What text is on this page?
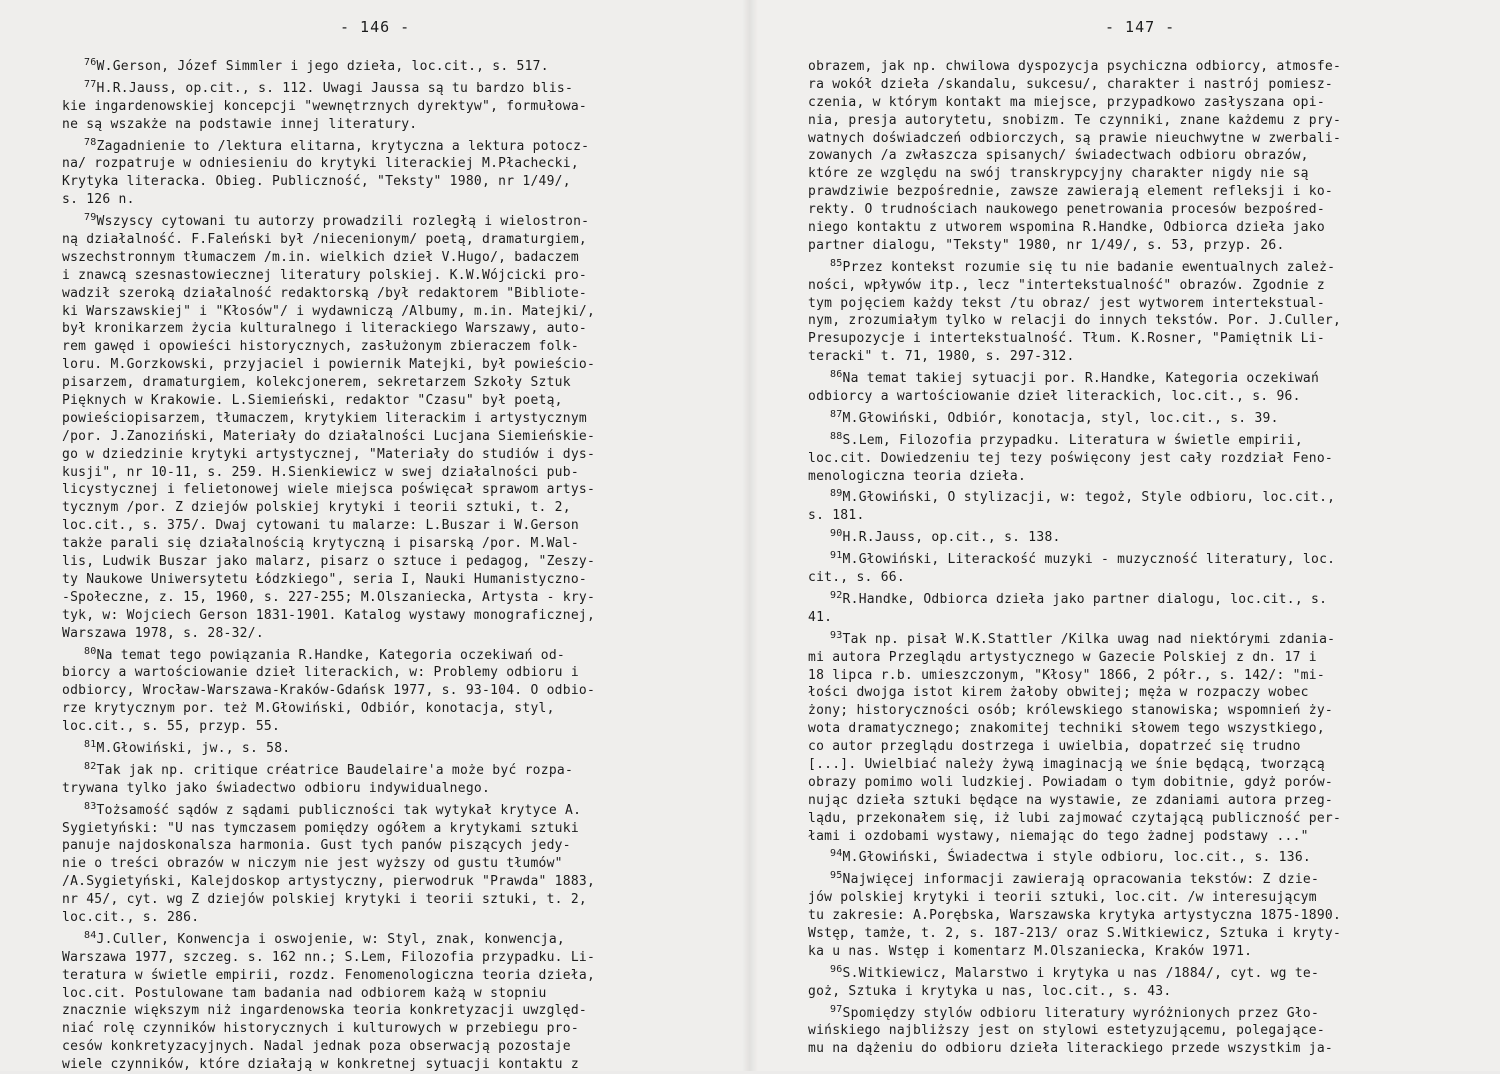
- 146 -
$^{76}$W.Gerson, Józef Simmler i jego dzieła, loc.cit., s. 517.
$^{77}$H.R.Jauss, op.cit., s. 112. Uwagi Jaussa są tu bardzo blis-
kie ingardenowskiej koncepcji "wewnętrznych dyrektyw", formułowa-
ne są wszakże na podstawie innej literatury.
$^{78}$Zagadnienie to /lektura elitarna, krytyczna a lektura potocz-
na/ rozpatruje w odniesieniu do krytyki literackiej M.Płachecki,
Krytyka literacka. Obieg. Publiczność, "Teksty" 1980, nr 1/49/,
s. 126 n.
$^{79}$Wszyscy cytowani tu autorzy prowadzili rozległą i wielostron-
ną działalność. F.Faleński był /niecenionym/ poetą, dramaturgiem,
wszechstronnym tłumaczem /m.in. wielkich dzieł V.Hugo/, badaczem
i znawcą szesnastowiecznej literatury polskiej. K.W.Wójcicki pro-
wadził szeroką działalność redaktorską /był redaktorem "Bibliote-
ki Warszawskiej" i "Kłosów"/ i wydawniczą /Albumy, m.in. Matejki/,
był kronikarzem życia kulturalnego i literackiego Warszawy, auto-
rem gawęd i opowieści historycznych, zasłużonym zbieraczem folk-
loru. M.Gorzkowski, przyjaciel i powiernik Matejki, był powieścio-
pisarzem, dramaturgiem, kolekcjonerem, sekretarzem Szkoły Sztuk
Pięknych w Krakowie. L.Siemieński, redaktor "Czasu" był poetą,
powieściopisarzem, tłumaczem, krytykiem literackim i artystycznym
/por. J.Zanoziński, Materiały do działalności Lucjana Siemieńskie-
go w dziedzinie krytyki artystycznej, "Materiały do studiów i dys-
kusji", nr 10-11, s. 259. H.Sienkiewicz w swej działalności pub-
licystycznej i felietonowej wiele miejsca poświęcał sprawom artys-
tycznym /por. Z dziejów polskiej krytyki i teorii sztuki, t. 2,
loc.cit., s. 375/. Dwaj cytowani tu malarze: L.Buszar i W.Gerson
także parali się działalnością krytyczną i pisarską /por. M.Wal-
lis, Ludwik Buszar jako malarz, pisarz o sztuce i pedagog, "Zeszy-
ty Naukowe Uniwersytetu Łódzkiego", seria I, Nauki Humanistyczno-
-Społeczne, z. 15, 1960, s. 227-255; M.Olszaniecka, Artysta - kry-
tyk, w: Wojciech Gerson 1831-1901. Katalog wystawy monograficznej,
Warszawa 1978, s. 28-32/.
$^{80}$Na temat tego powiązania R.Handke, Kategoria oczekiwań od-
biorcy a wartościowanie dzieł literackich, w: Problemy odbioru i
odbiorcy, Wrocław-Warszawa-Kraków-Gdańsk 1977, s. 93-104. O odbio-
rze krytycznym por. też M.Głowiński, Odbiór, konotacja, styl,
loc.cit., s. 55, przyp. 55.
$^{81}$M.Głowiński, jw., s. 58.
$^{82}$Tak jak np. critique créatrice Baudelaire'a może być rozpa-
trywana tylko jako świadectwo odbioru indywidualnego.
$^{83}$Tożsamość sądów z sądami publiczności tak wytykał krytyce A.
Sygietyński: "U nas tymczasem pomiędzy ogółem a krytykami sztuki
panuje najdoskonalsza harmonia. Gust tych panów piszących jedy-
nie o treści obrazów w niczym nie jest wyższy od gustu tłumów"
/A.Sygietyński, Kalejdoskop artystyczny, pierwodruk "Prawda" 1883,
nr 45/, cyt. wg Z dziejów polskiej krytyki i teorii sztuki, t. 2,
loc.cit., s. 286.
$^{84}$J.Culler, Konwencja i oswojenie, w: Styl, znak, konwencja,
Warszawa 1977, szczeg. s. 162 nn.; S.Lem, Filozofia przypadku. Li-
teratura w świetle empirii, rozdz. Fenomenologiczna teoria dzieła,
loc.cit. Postulowane tam badania nad odbiorem każą w stopniu
znacznie większym niż ingardenowska teoria konkretyzacji uwzględ-
niać rolę czynników historycznych i kulturowych w przebiegu pro-
cesów konkretyzacyjnych. Nadal jednak poza obserwacją pozostaje
wiele czynników, które działają w konkretnej sytuacji kontaktu z
- 147 -
obrazem, jak np. chwilowa dyspozycja psychiczna odbiorcy, atmosfe-
ra wokół dzieła /skandalu, sukcesu/, charakter i nastrój pomiesz-
czenia, w którym kontakt ma miejsce, przypadkowo zasłyszana opi-
nia, presja autorytetu, snobizm. Te czynniki, znane każdemu z pry-
watnych doświadczeń odbiorczych, są prawie nieuchwytne w zwerbali-
zowanych /a zwłaszcza spisanych/ świadectwach odbioru obrazów,
które ze względu na swój transkrypcyjny charakter nigdy nie są
prawdziwie bezpośrednie, zawsze zawierają element refleksji i ko-
rekty. O trudnościach naukowego penetrowania procesów bezpośred-
niego kontaktu z utworem wspomina R.Handke, Odbiorca dzieła jako
partner dialogu, "Teksty" 1980, nr 1/49/, s. 53, przyp. 26.
$^{85}$Przez kontekst rozumie się tu nie badanie ewentualnych zależ-
ności, wpływów itp., lecz "intertekstualność" obrazów. Zgodnie z
tym pojęciem każdy tekst /tu obraz/ jest wytworem intertekstual-
nym, zrozumiałym tylko w relacji do innych tekstów. Por. J.Culler,
Presupozycje i intertekstualność. Tłum. K.Rosner, "Pamiętnik Li-
teracki" t. 71, 1980, s. 297-312.
$^{86}$Na temat takiej sytuacji por. R.Handke, Kategoria oczekiwań
odbiorcy a wartościowanie dzieł literackich, loc.cit., s. 96.
$^{87}$M.Głowiński, Odbiór, konotacja, styl, loc.cit., s. 39.
$^{88}$S.Lem, Filozofia przypadku. Literatura w świetle empirii,
loc.cit. Dowiedzeniu tej tezy poświęcony jest cały rozdział Feno-
menologiczna teoria dzieła.
$^{89}$M.Głowiński, O stylizacji, w: tegoż, Style odbioru, loc.cit.,
s. 181.
$^{90}$H.R.Jauss, op.cit., s. 138.
$^{91}$M.Głowiński, Literackość muzyki - muzyczność literatury, loc.
cit., s. 66.
$^{92}$R.Handke, Odbiorca dzieła jako partner dialogu, loc.cit., s.
41.
$^{93}$Tak np. pisał W.K.Stattler /Kilka uwag nad niektórymi zdania-
mi autora Przeglądu artystycznego w Gazecie Polskiej z dn. 17 i
18 lipca r.b. umieszczonym, "Kłosy" 1866, 2 półr., s. 142/: "mi-
łości dwojga istot kirem żałoby obwitej; męża w rozpaczy wobec
żony; historyczności osób; królewskiego stanowiska; wspomnień ży-
wota dramatycznego; znakomitej techniki słowem tego wszystkiego,
co autor przeglądu dostrzega i uwielbia, dopatrzeć się trudno
[...]. Uwielbiać należy żywą imaginacją we śnie będącą, tworzącą
obrazy pomimo woli ludzkiej. Powiadam o tym dobitnie, gdyż porów-
nując dzieła sztuki będące na wystawie, ze zdaniami autora przeg-
lądu, przekonałem się, iż lubi zajmować czytającą publiczność per-
łami i ozdobami wystawy, niemając do tego żadnej podstawy ..."
$^{94}$M.Głowiński, Świadectwa i style odbioru, loc.cit., s. 136.
$^{95}$Najwięcej informacji zawierają opracowania tekstów: Z dzie-
jów polskiej krytyki i teorii sztuki, loc.cit. /w interesującym
tu zakresie: A.Porębska, Warszawska krytyka artystyczna 1875-1890.
Wstęp, tamże, t. 2, s. 187-213/ oraz S.Witkiewicz, Sztuka i kryty-
ka u nas. Wstęp i komentarz M.Olszaniecka, Kraków 1971.
$^{96}$S.Witkiewicz, Malarstwo i krytyka u nas /1884/, cyt. wg te-
goż, Sztuka i krytyka u nas, loc.cit., s. 43.
$^{97}$Spomiędzy stylów odbioru literatury wyróżnionych przez Gło-
wińskiego najbliższy jest on stylowi estetyzującemu, polegające-
mu na dążeniu do odbioru dzieła literackiego przede wszystkim ja-
